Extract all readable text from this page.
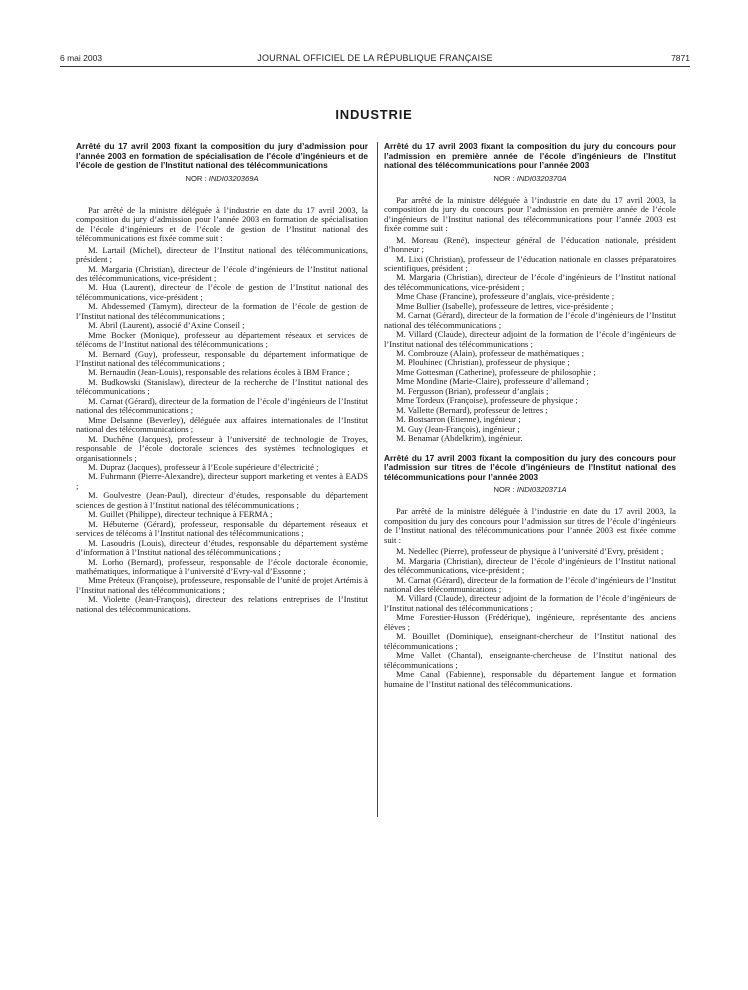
6 mai 2003	JOURNAL OFFICIEL DE LA RÉPUBLIQUE FRANÇAISE	7871
INDUSTRIE

Arrêté du 17 avril 2003 fixant la composition du jury d’admission pour l’année 2003 en formation de spécialisation de l’école d’ingénieurs et de l’école de gestion de l’Institut national des télécommunications

NOR : INDI0320369A

Par arrêté de la ministre déléguée à l’industrie en date du 17 avril 2003, la composition du jury d’admission pour l’année 2003 en formation de spécialisation de l’école d’ingénieurs et de l’école de gestion de l’Institut national des télécommunications est fixée comme suit :

M. Lartail (Michel), directeur de l’Institut national des télécommunications, président ;

M. Margaria (Christian), directeur de l’école d’ingénieurs de l’Institut national des télécommunications, vice-président ;

M. Hua (Laurent), directeur de l’école de gestion de l’Institut national des télécommunications, vice-président ;

M. Abdessemed (Tamym), directeur de la formation de l’école de gestion de l’Institut national des télécommunications ;

M. Abril (Laurent), associé d’Axine Conseil ;

Mme Bocker (Monique), professeur au département réseaux et services de télécoms de l’Institut national des télécommunications ;

M. Bernard (Guy), professeur, responsable du département informatique de l’Institut national des télécommunications ;

M. Bernaudin (Jean-Louis), responsable des relations écoles à IBM France ;

M. Budkowski (Stanislaw), directeur de la recherche de l’Institut national des télécommunications ;

M. Carnat (Gérard), directeur de la formation de l’école d’ingénieurs de l’Institut national des télécommunications ;

Mme Delsanne (Beverley), déléguée aux affaires internationales de l’Institut national des télécommunications ;

M. Duchêne (Jacques), professeur à l’université de technologie de Troyes, responsable de l’école doctorale sciences des systèmes technologiques et organisationnels ;

M. Dupraz (Jacques), professeur à l’Ecole supérieure d’électricité ;

M. Fuhrmann (Pierre-Alexandre), directeur support marketing et ventes à EADS ;

M. Goulvestre (Jean-Paul), directeur d’études, responsable du département sciences de gestion à l’Institut national des télécommunications ;

M. Guillet (Philippe), directeur technique à FERMA ;

M. Hébuterne (Gérard), professeur, responsable du département réseaux et services de télécoms à l’Institut national des télécommunications ;

M. Lasoudris (Louis), directeur d’études, responsable du département système d’information à l’Institut national des télécommunications ;

M. Lorho (Bernard), professeur, responsable de l’école doctorale économie, mathématiques, informatique à l’université d’Evry-val d’Essonne ;

Mme Préteux (Françoise), professeure, responsable de l’unité de projet Artémis à l’Institut national des télécommunications ;

M. Violette (Jean-François), directeur des relations entreprises de l’Institut national des télécommunications.

Arrêté du 17 avril 2003 fixant la composition du jury du concours pour l’admission en première année de l’école d’ingénieurs de l’Institut national des télécommunications pour l’année 2003

NOR : INDI0320370A

Par arrêté de la ministre déléguée à l’industrie en date du 17 avril 2003, la composition du jury du concours pour l’admission en première année de l’école d’ingénieurs de l’Institut national des télécommunications pour l’année 2003 est fixée comme suit :

M. Moreau (René), inspecteur général de l’éducation nationale, président d’honneur ;

M. Lixi (Christian), professeur de l’éducation nationale en classes préparatoires scientifiques, président ;

M. Margaria (Christian), directeur de l’école d’ingénieurs de l’Institut national des télécommunications, vice-président ;

Mme Chase (Francine), professeure d’anglais, vice-présidente ;

Mme Bullier (Isabelle), professeure de lettres, vice-présidente ;

M. Carnat (Gérard), directeur de la formation de l’école d’ingénieurs de l’Institut national des télécommunications ;

M. Villard (Claude), directeur adjoint de la formation de l’école d’ingénieurs de l’Institut national des télécommunications ;

M. Combrouze (Alain), professeur de mathématiques ;

M. Plouhinec (Christian), professeur de physique ;

Mme Gottesman (Catherine), professeure de philosophie ;

Mme Mondine (Marie-Claire), professeure d’allemand ;

M. Fergusson (Brian), professeur d’anglais ;

Mme Tordeux (Françoise), professeure de physique ;

M. Vallette (Bernard), professeur de lettres ;

M. Bostsarron (Etienne), ingénieur ;

M. Guy (Jean-François), ingénieur ;

M. Benamar (Abdelkrim), ingénieur.

Arrêté du 17 avril 2003 fixant la composition du jury des concours pour l’admission sur titres de l’école d’ingénieurs de l’Institut national des télécommunications pour l’année 2003

NOR : INDI0320371A

Par arrêté de la ministre déléguée à l’industrie en date du 17 avril 2003, la composition du jury des concours pour l’admission sur titres de l’école d’ingénieurs de l’Institut national des télécommunications pour l’année 2003 est fixée comme suit :

M. Nedellec (Pierre), professeur de physique à l’université d’Evry, président ;

M. Margaria (Christian), directeur de l’école d’ingénieurs de l’Institut national des télécommunications, vice-président ;

M. Carnat (Gérard), directeur de la formation de l’école d’ingénieurs de l’Institut national des télécommunications ;

M. Villard (Claude), directeur adjoint de la formation de l’école d’ingénieurs de l’Institut national des télécommunications ;

Mme Forestier-Husson (Frédérique), ingénieure, représentante des anciens élèves ;

M. Bouillet (Dominique), enseignant-chercheur de l’Institut national des télécommunications ;

Mme Vallet (Chantal), enseignante-chercheuse de l’Institut national des télécommunications ;

Mme Canal (Fabienne), responsable du département langue et formation humaine de l’Institut national des télécommunications.
